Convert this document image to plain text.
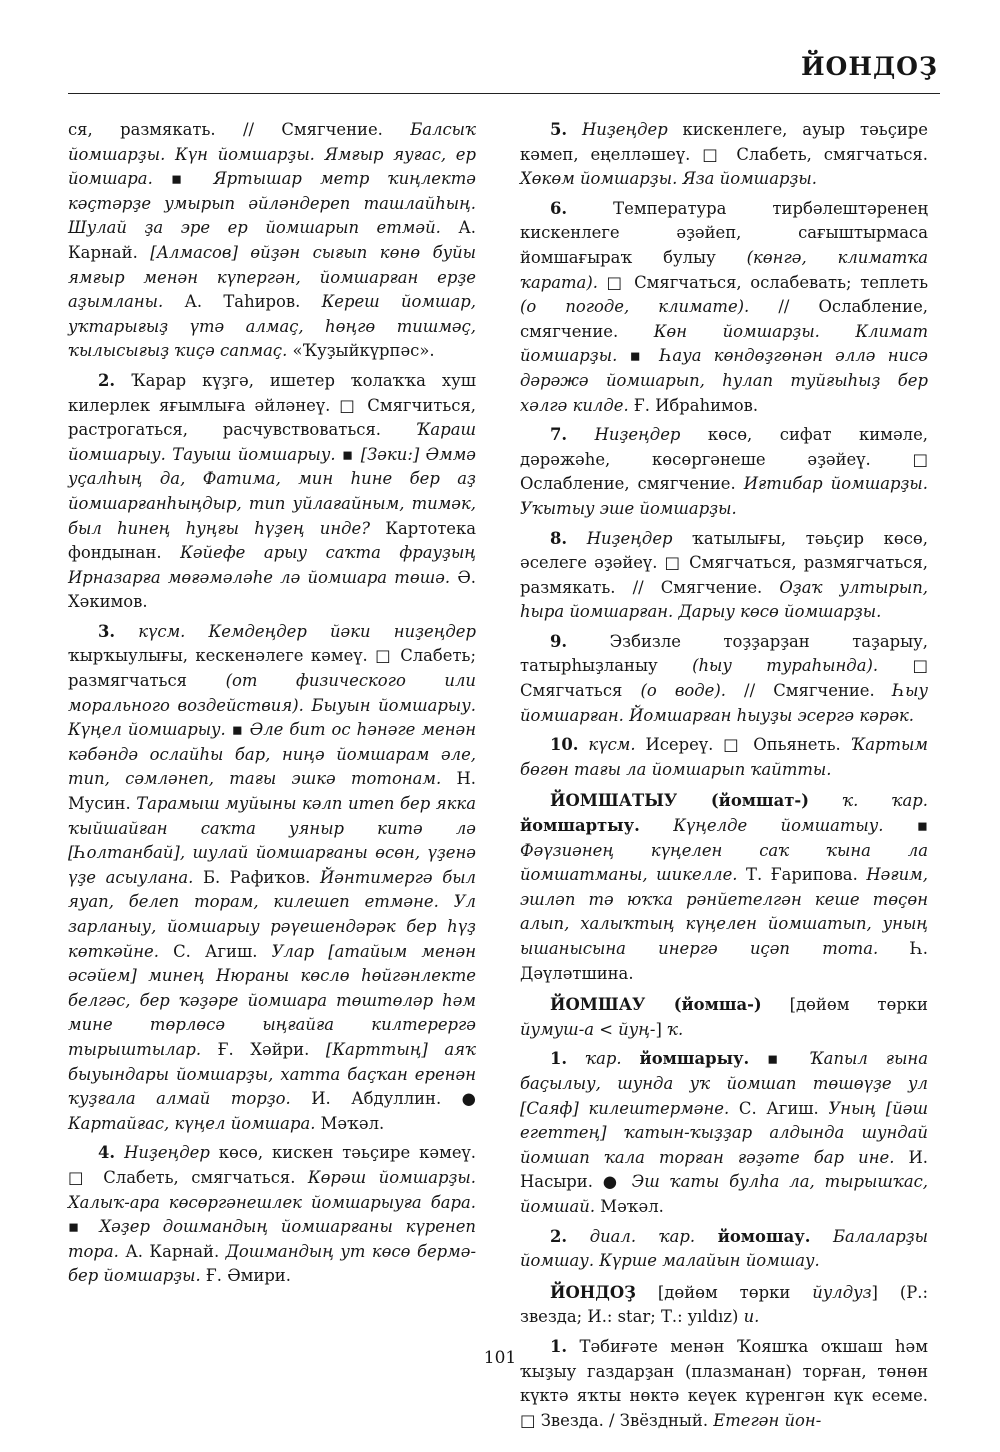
ЙОНДОҘ

ся, размякать. // Смягчение. Балсыҡ йомшарҙы. Күн йомшарҙы. Ямғыр яуғас, ер йомшара. ▪ Яртышар метр ҡиңлектә кәҫтәрҙе умырып әйләндереп ташлайһың. Шулай ҙа эре ер йомшарып етмәй. А. Карнай. [Алмасов] өйҙән сығып көнө буйы ямғыр менән күпергән, йомшарған ерҙе аҙымланы. А. Таһиров. Кереш йомшар, уҡтарығыҙ үтә алмаҫ, һөңгө тишмәҫ, ҡылысығыҙ ҡиҫә сапмаҫ. «Ҡуҙыйкүрпәс».

2. Ҡарар күҙгә, ишетер ҡолаҡҡа хуш килерлек яғымлыға әйләнеү. □ Смягчиться, растрогаться, расчувствоваться. Ҡараш йомшарыу. Тауыш йомшарыу. ▪ [Зәки:] Әммә уҫалһың да, Фатима, мин һине бер аҙ йомшарғанһыңдыр, тип уйлағайным, тимәк, был һинең һуңғы һүҙең инде? Картотека фондынан. Кәйефе арыу саҡта фрауҙың Ирназарға мөғәмәләһе лә йомшара төшә. Ә. Хәкимов.

3. күсм. Кемдеңдер йәки ниҙеңдер ҡырҡыулығы, кескенәлеге кәмеү. □ Слабеть; размягчаться (от физического или морального воздействия). Быуын йомшарыу. Күңел йомшарыу. ▪ Әле бит ос һәнәге менән кәбәндә ослайһы бар, ниңә йомшарам әле, тип, сәмләнеп, тағы эшкә тотонам. Н. Мусин. Тарамыш муйыны кәлп итеп бер якка ҡыйшайған саҡта уяныр китә лә [Һолтанбай], шулай йомшарғаны өсөн, үҙенә үҙе асыулана. Б. Рафиҡов. Йәнтимергә был яуап, белеп торам, килешеп етмәне. Ул зарланыу, йомшарыу рәүешендәрәк бер һүҙ көткәйне. С. Агиш. Улар [атайым менән әсәйем] минең Нюраны көслө һөйгәнлекте белгәс, бер ҡәҙәре йомшара төштөләр һәм мине төрлөсә ыңғайға килтерергә тырыштылар. Ғ. Хәйри. [Карттың] аяҡ быуындары йомшарҙы, хатта баҫҡан еренән ҡуҙғала алмай торҙо. И. Абдуллин. ● Картайғас, күңел йомшара. Мәҡәл.

4. Ниҙеңдер көсө, кискен тәьҫире кәмеү. □ Слабеть, смягчаться. Көрәш йомшарҙы. Халыҡ-ара көсөргәнешлек йомшарыуға бара. ▪ Хәҙер дошмандың йомшарғаны күренеп тора. А. Карнай. Дошмандың ут көсө бермә-бер йомшарҙы. Ғ. Әмири.

5. Ниҙеңдер кискенлеге, ауыр тәьҫире кәмеп, еңелләшеү. □ Слабеть, смягчаться. Хөкөм йомшарҙы. Яза йомшарҙы.

6. Температура тирбәлештәренең кискенлеге әҙәйеп, сағыштырмаса йомшағыраҡ булыу (көнгә, климатҡа ҡарата). □ Смягчаться, ослабевать; теплеть (о погоде, климате). // Ослабление, смягчение. Көн йомшарҙы. Климат йомшарҙы. ▪ Һауа көндөҙгөнән әллә нисә дәрәжә йомшарып, һулап туйғыһыҙ бер хәлгә килде. Ғ. Ибраһимов.

7. Ниҙеңдер көсө, сифат кимәле, дәрәжәһе, көсөргәнеше әҙәйеү. □ Ослабление, смягчение. Иғтибар йомшарҙы. Уҡытыу эше йомшарҙы.

8. Ниҙеңдер ҡатылығы, тәьҫир көсө, әселеге әҙәйеү. □ Смягчаться, размягчаться, размякать. // Смягчение. Оҙаҡ ултырып, һыра йомшарған. Дарыу көсө йомшарҙы.

9. Эзбизле тоҙҙарҙан таҙарыу, татырһыҙланыу (һыу тураһында). □ Смягчаться (о воде). // Смягчение. Һыу йомшарған. Йомшарған һыуҙы эсергә кәрәк.

10. күсм. Исереү. □ Опьянеть. Ҡартым бөгөн тағы ла йомшарып ҡайтты.

ЙОМШАТЫУ (йомшат-) ҡ. ҡар. йомшартыу. Күңелде йомшатыу. ▪ Фәүзиәнең күңелен саҡ ҡына ла йомшатманы, шикелле. Т. Ғарипова. Нәғим, эшләп тә юҡҡа рәнйетелгән кеше төҫөн алып, халыҡтың күңелен йомшатып, уның ышанысына инергә иҫәп тота. Һ. Дәүләтшина.

ЙОМШАУ (йомша-) [дөйөм төрки йумуш-а < йуң-] ҡ.

1. ҡар. йомшарыу. ▪ Ҡапыл ғына баҫылыу, шунда уҡ йомшап төшөүҙе ул [Саяф] килештермәне. С. Агиш. Уның [йәш егеттең] ҡатын-ҡыҙҙар алдында шундай йомшап ҡала торған ғәҙәте бар ине. И. Насыри. ● Эш ҡаты булһа ла, тырышҡас, йомшай. Мәҡәл.

2. диал. ҡар. йомошау. Балаларҙы йомшау. Күрше малайын йомшау.

ЙОНДОҘ [дөйөм төрки йулдуз] (Р.: звезда; И.: star; Т.: yıldız) и.

1. Тәбиғәте менән Ҡояшҡа оҡшаш һәм ҡыҙыу газдарҙан (плазманан) торған, төнөн күктә яҡты нөктә кеүек күренгән күк есеме. □ Звезда. / Звёздный. Етегән йон-

101
